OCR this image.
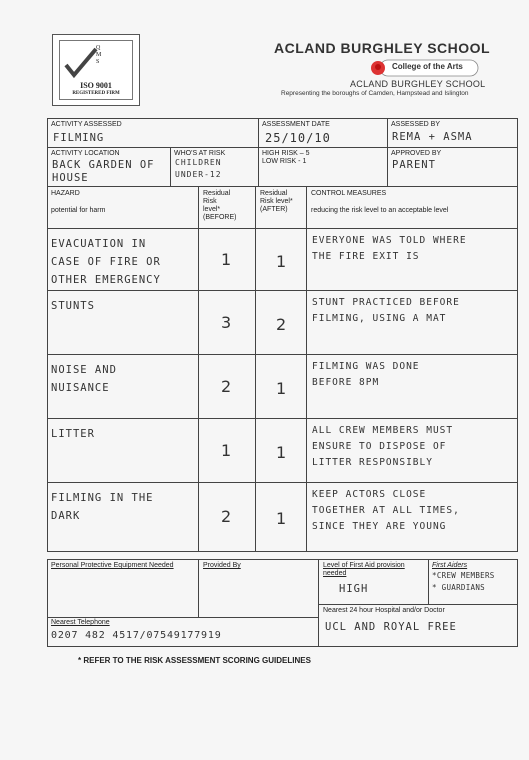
Q
M
S
ISO 9001
REGISTERED FIRM
ACLAND BURGHLEY SCHOOL
College of the Arts
ACLAND BURGHLEY SCHOOL
Representing the boroughs of Camden, Hampstead and Islington
ACTIVITY ASSESSED
FILMING
ASSESSMENT DATE
25/10/10
ASSESSED BY
REMA + ASMA
ACTIVITY LOCATION
BACK GARDEN OF
HOUSE
WHO'S AT RISK
CHILDREN
UNDER-12
HIGH RISK – 5
LOW RISK - 1
APPROVED BY
PARENT
HAZARD
potential for harm
Residual
Risk
level*
(BEFORE)
Residual
Risk level*
(AFTER)
CONTROL MEASURES
reducing the risk level to an acceptable level
EVACUATION IN
CASE OF FIRE OR
OTHER EMERGENCY
1	1
EVERYONE WAS TOLD WHERE
THE FIRE EXIT IS
STUNTS
3	2
STUNT PRACTICED BEFORE
FILMING, USING A MAT
NOISE AND
NUISANCE	2	1
FILMING WAS DONE
BEFORE 8PM
LITTER
1	1
ALL CREW MEMBERS MUST
ENSURE TO DISPOSE OF
LITTER RESPONSIBLY
FILMING IN THE
DARK	2	1
KEEP ACTORS CLOSE
TOGETHER AT ALL TIMES,
SINCE THEY ARE YOUNG
Personal Protective Equipment Needed	Provided By	Level of First Aid provision
needed
HIGH
First Aiders
*CREW MEMBERS
* GUARDIANS
Nearest Telephone
0207 482 4517/07549177919
Nearest 24 hour Hospital and/or Doctor
UCL AND ROYAL FREE
* REFER TO THE RISK ASSESSMENT SCORING GUIDELINES
